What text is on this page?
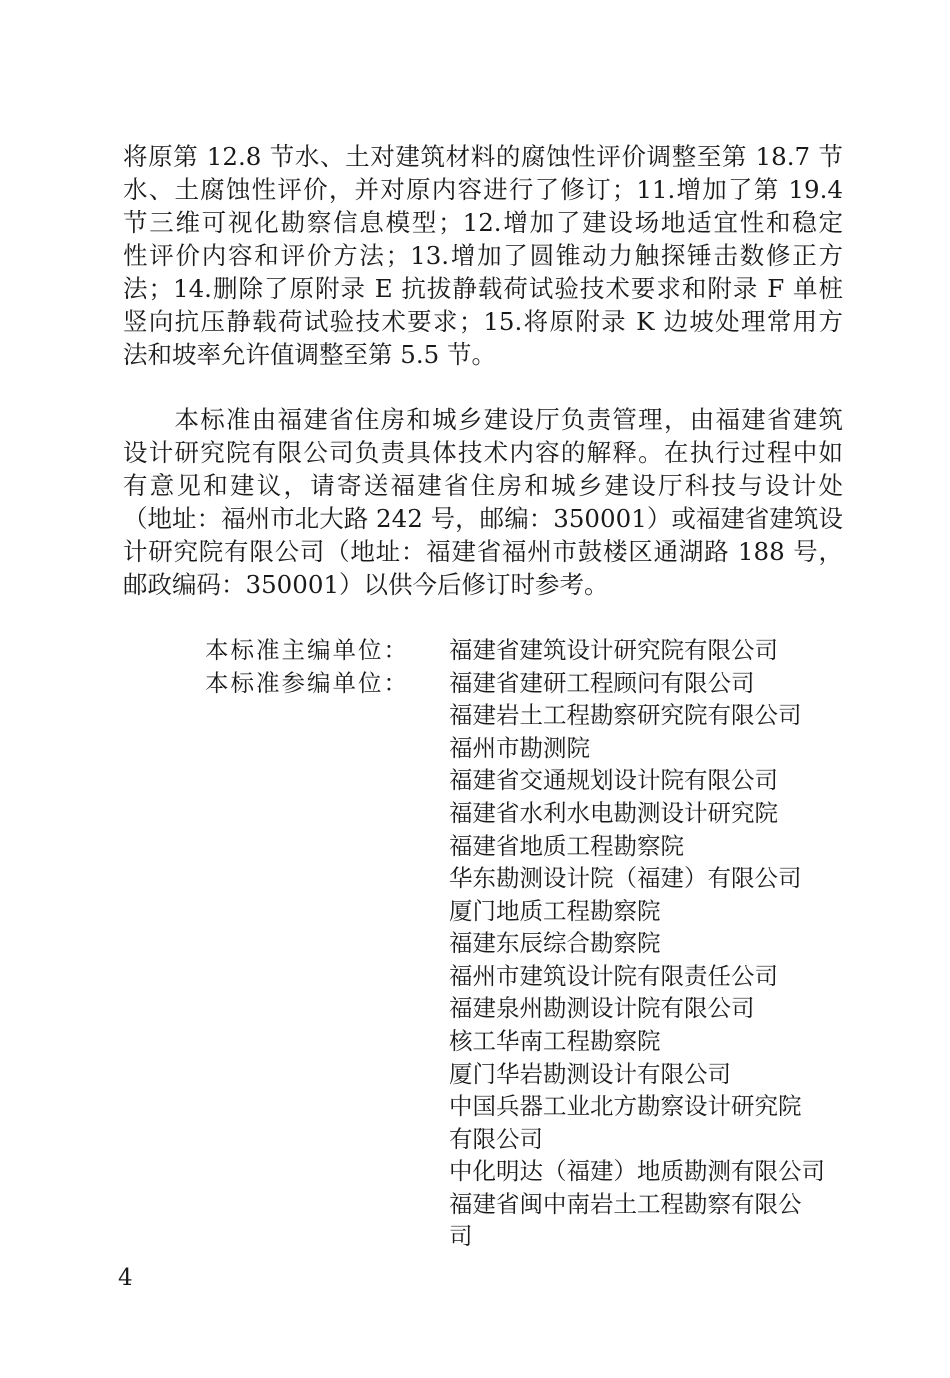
将原第 12.8 节水、土对建筑材料的腐蚀性评价调整至第 18.7 节
水、土腐蚀性评价，并对原内容进行了修订；11.增加了第 19.4
节三维可视化勘察信息模型；12.增加了建设场地适宜性和稳定
性评价内容和评价方法；13.增加了圆锥动力触探锤击数修正方
法；14.删除了原附录 E 抗拔静载荷试验技术要求和附录 F 单桩
竖向抗压静载荷试验技术要求；15.将原附录 K 边坡处理常用方
法和坡率允许值调整至第 5.5 节。
　　本标准由福建省住房和城乡建设厅负责管理，由福建省建筑
设计研究院有限公司负责具体技术内容的解释。在执行过程中如
有意见和建议，请寄送福建省住房和城乡建设厅科技与设计处
（地址：福州市北大路 242 号，邮编：350001）或福建省建筑设
计研究院有限公司（地址：福建省福州市鼓楼区通湖路 188 号，
邮政编码：350001）以供今后修订时参考。
本标准主编单位： 福建省建筑设计研究院有限公司
本标准参编单位： 福建省建研工程顾问有限公司
福建岩土工程勘察研究院有限公司
福州市勘测院
福建省交通规划设计院有限公司
福建省水利水电勘测设计研究院
福建省地质工程勘察院
华东勘测设计院（福建）有限公司
厦门地质工程勘察院
福建东辰综合勘察院
福州市建筑设计院有限责任公司
福建泉州勘测设计院有限公司
核工华南工程勘察院
厦门华岩勘测设计有限公司
中国兵器工业北方勘察设计研究院
有限公司
中化明达（福建）地质勘测有限公司
福建省闽中南岩土工程勘察有限公
司
4
